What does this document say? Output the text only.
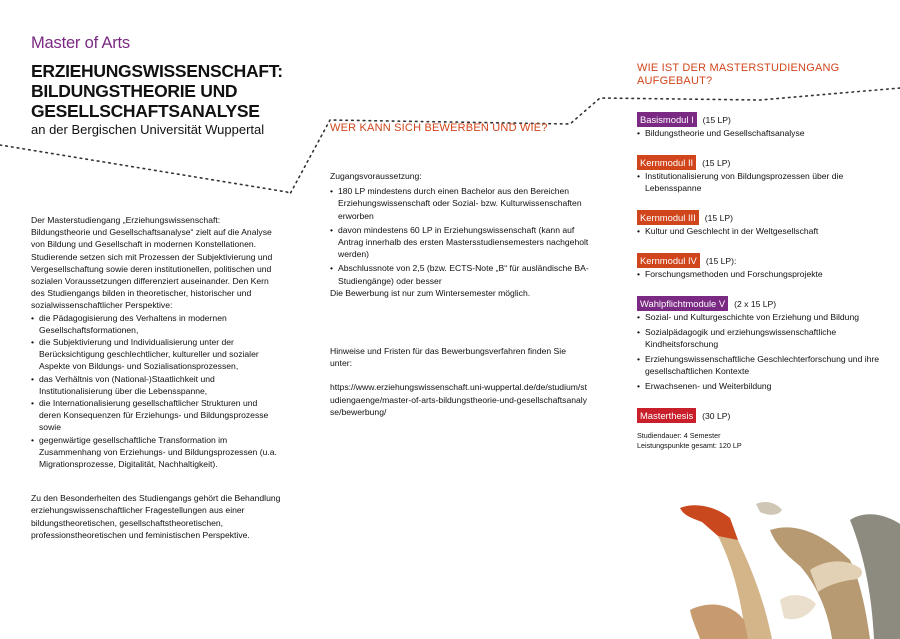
Master of Arts
ERZIEHUNGSWISSENSCHAFT:
BILDUNGSTHEORIE UND
GESELLSCHAFTSANALYSE
an der Bergischen Universität Wuppertal

Der Masterstudiengang „Erziehungswissenschaft: Bildungstheorie und Gesellschaftsanalyse“ zielt auf die Analyse von Bildung und Gesellschaft in modernen Konstellationen. Studierende setzen sich mit Prozessen der Subjektivierung und Vergesellschaftung sowie deren institutionellen, politischen und sozialen Voraussetzungen differenziert auseinander. Den Kern des Studiengangs bilden in theoretischer, historischer und sozialwissenschaftlicher Perspektive:

• die Pädagogisierung des Verhaltens in modernen Gesellschaftsformationen,
• die Subjektivierung und Individualisierung unter der Berücksichtigung geschlechtlicher, kultureller und sozialer Aspekte von Bildungs- und Sozialisationsprozessen,
• das Verhältnis von (National-)Staatlichkeit und Institutionalisierung über die Lebensspanne,
• die Internationalisierung gesellschaftlicher Strukturen und deren Konsequenzen für Erziehungs- und Bildungsprozesse sowie
• gegenwärtige gesellschaftliche Transformation im Zusammenhang von Erziehungs- und Bildungsprozessen (u.a. Migrationsprozesse, Digitalität, Nachhaltigkeit).

Zu den Besonderheiten des Studiengangs gehört die Behandlung erziehungswissenschaftlicher Fragestellungen aus einer bildungstheoretischen, gesellschaftstheoretischen, professionstheoretischen und feministischen Perspektive.

WER KANN SICH BEWERBEN UND WIE?

Zugangsvoraussetzung:

• 180 LP mindestens durch einen Bachelor aus den Bereichen Erziehungswissenschaft oder Sozial- bzw. Kulturwissenschaften erworben
• davon mindestens 60 LP in Erziehungswissenschaft (kann auf Antrag innerhalb des ersten Mastersstudiensemesters nachgeholt werden)
• Abschlussnote von 2,5 (bzw. ECTS-Note „B“ für ausländische BA-Studiengänge) oder besser

Die Bewerbung ist nur zum Wintersemester möglich.

Hinweise und Fristen für das Bewerbungsverfahren finden Sie unter:

https://www.erziehungswissenschaft.uni-wuppertal.de/de/studium/studiengaenge/master-of-arts-bildungstheorie-und-gesellschaftsanalyse/bewerbung/

WIE IST DER MASTERSTUDIENGANG
AUFGEBAUT?
Basismodul I (15 LP)
• Bildungstheorie und Gesellschaftsanalyse
Kernmodul II (15 LP)
• Institutionalisierung von Bildungsprozessen über die Lebensspanne
Kernmodul III (15 LP)
• Kultur und Geschlecht in der Weltgesellschaft
Kernmodul IV (15 LP):
• Forschungsmethoden und Forschungsprojekte
Wahlpflichtmodule V (2 x 15 LP)
• Sozial- und Kulturgeschichte von Erziehung und Bildung
• Sozialpädagogik und erziehungswissenschaftliche Kindheitsforschung
• Erziehungswissenschaftliche Geschlechterforschung und ihre gesellschaftlichen Kontexte
• Erwachsenen- und Weiterbildung
Masterthesis (30 LP)
Studiendauer: 4 Semester
Leistungspunkte gesamt: 120 LP
